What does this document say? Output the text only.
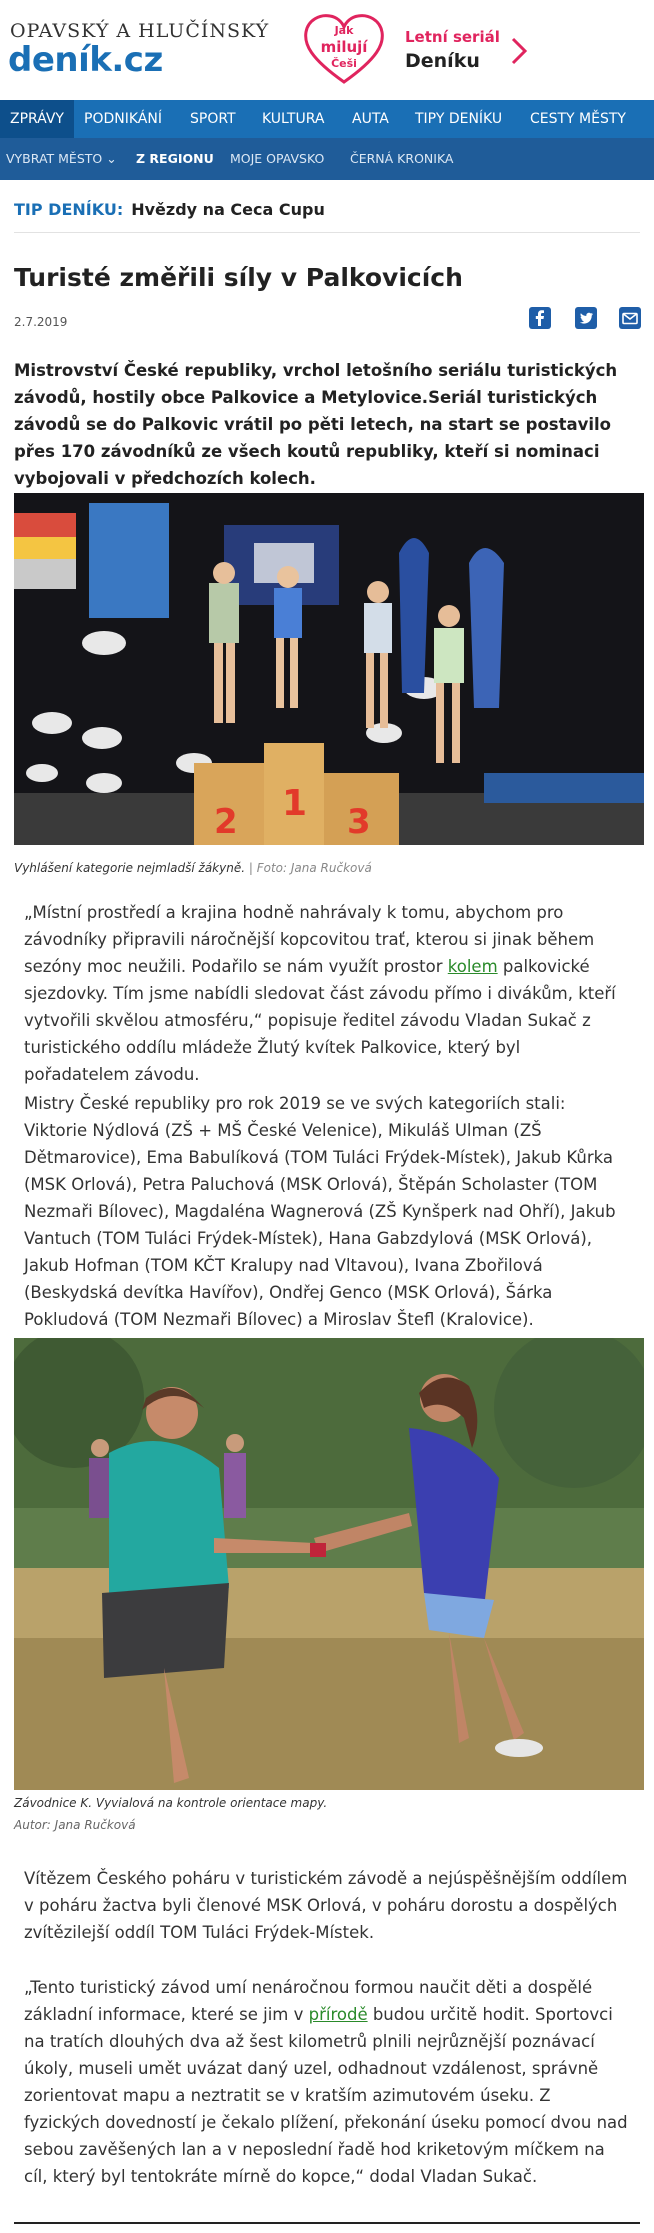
OPAVSKÝ A HLUČÍNSKÝ
deník.cz
Jak
milují
Češi
Letní seriál
Deníku
ZPRÁVY	PODNIKÁNÍ SPORT KULTURA AUTA TIPY DENÍKU CESTY MĚSTY
VYBRAT MĚSTO ⌄ Z REGIONU MOJE OPAVSKO ČERNÁ KRONIKA
TIP DENÍKU: Hvězdy na Ceca Cupu
Turisté změřili síly v Palkovicích
2.7.2019
Mistrovství České republiky, vrchol letošního seriálu turistických závodů, hostily obce Palkovice a Metylovice.Seriál turistických závodů se do Palkovic vrátil po pěti letech, na start se postavilo přes 170 závodníků ze všech koutů republiky, kteří si nominaci vybojovali v předchozích kolech.
2 1 3
Vyhlášení kategorie nejmladší žákyně. | Foto: Jana Ručková
„Místní prostředí a krajina hodně nahrávaly k tomu, abychom pro závodníky připravili náročnější kopcovitou trať, kterou si jinak během sezóny moc neužili. Podařilo se nám využít prostor kolem palkovické sjezdovky. Tím jsme nabídli sledovat část závodu přímo i divákům, kteří vytvořili skvělou atmosféru,“ popisuje ředitel závodu Vladan Sukač z turistického oddílu mládeže Žlutý kvítek Palkovice, který byl pořadatelem závodu.
Mistry České republiky pro rok 2019 se ve svých kategoriích stali: Viktorie Nýdlová (ZŠ + MŠ České Velenice), Mikuláš Ulman (ZŠ Dětmarovice), Ema Babulíková (TOM Tuláci Frýdek-Místek), Jakub Kůrka (MSK Orlová), Petra Paluchová (MSK Orlová), Štěpán Scholaster (TOM Nezmaři Bílovec), Magdaléna Wagnerová (ZŠ Kynšperk nad Ohří), Jakub Vantuch (TOM Tuláci Frýdek-Místek), Hana Gabzdylová (MSK Orlová), Jakub Hofman (TOM KČT Kralupy nad Vltavou), Ivana Zbořilová (Beskydská devítka Havířov), Ondřej Genco (MSK Orlová), Šárka Pokludová (TOM Nezmaři Bílovec) a Miroslav Štefl (Kralovice).
Závodnice K. Vyvialová na kontrole orientace mapy.
Autor: Jana Ručková
Vítězem Českého poháru v turistickém závodě a nejúspěšnějším oddílem v poháru žactva byli členové MSK Orlová, v poháru dorostu a dospělých zvítězilejší oddíl TOM Tuláci Frýdek-Místek.
„Tento turistický závod umí nenáročnou formou naučit děti a dospělé základní informace, které se jim v přírodě budou určitě hodit. Sportovci na tratích dlouhých dva až šest kilometrů plnili nejrůznější poznávací úkoly, museli umět uvázat daný uzel, odhadnout vzdálenost, správně zorientovat mapu a neztratit se v kratším azimutovém úseku. Z fyzických dovedností je čekalo plížení, překonání úseku pomocí dvou nad sebou zavěšených lan a v neposlední řadě hod kriketovým míčkem na cíl, který byl tentokráte mírně do kopce,“ dodal Vladan Sukač.
